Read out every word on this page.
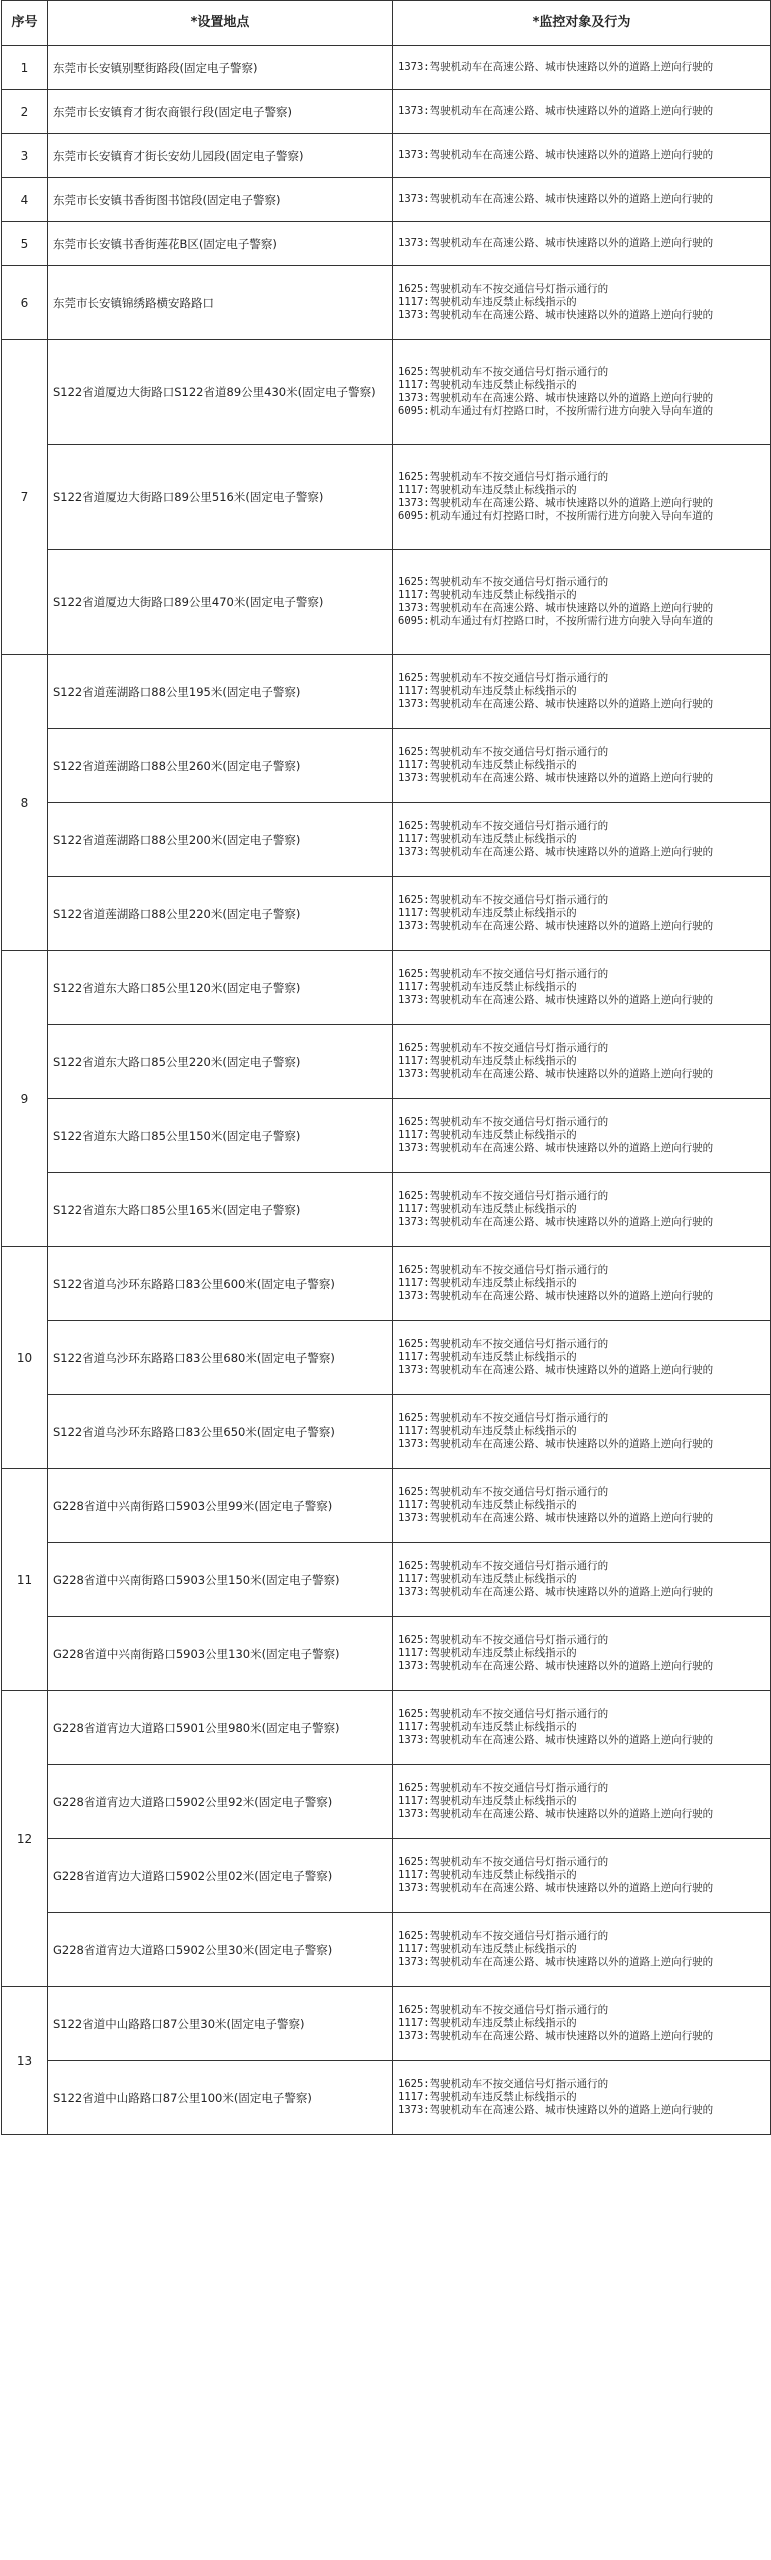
序号	*设置地点	*监控对象及行为
1	东莞市长安镇别墅街路段(固定电子警察)	1373:驾驶机动车在高速公路、城市快速路以外的道路上逆向行驶的
2	东莞市长安镇育才街农商银行段(固定电子警察)	1373:驾驶机动车在高速公路、城市快速路以外的道路上逆向行驶的
3	东莞市长安镇育才街长安幼儿园段(固定电子警察)	1373:驾驶机动车在高速公路、城市快速路以外的道路上逆向行驶的
4	东莞市长安镇书香街图书馆段(固定电子警察)	1373:驾驶机动车在高速公路、城市快速路以外的道路上逆向行驶的
5	东莞市长安镇书香街莲花B区(固定电子警察)	1373:驾驶机动车在高速公路、城市快速路以外的道路上逆向行驶的
6	东莞市长安镇锦绣路横安路路口	1625:驾驶机动车不按交通信号灯指示通行的
1117:驾驶机动车违反禁止标线指示的
1373:驾驶机动车在高速公路、城市快速路以外的道路上逆向行驶的
7	S122省道厦边大街路口S122省道89公里430米(固定电子警察)	1625:驾驶机动车不按交通信号灯指示通行的
1117:驾驶机动车违反禁止标线指示的
1373:驾驶机动车在高速公路、城市快速路以外的道路上逆向行驶的
6095:机动车通过有灯控路口时，不按所需行进方向驶入导向车道的
	S122省道厦边大街路口89公里516米(固定电子警察)	1625:驾驶机动车不按交通信号灯指示通行的
1117:驾驶机动车违反禁止标线指示的
1373:驾驶机动车在高速公路、城市快速路以外的道路上逆向行驶的
6095:机动车通过有灯控路口时，不按所需行进方向驶入导向车道的
	S122省道厦边大街路口89公里470米(固定电子警察)	1625:驾驶机动车不按交通信号灯指示通行的
1117:驾驶机动车违反禁止标线指示的
1373:驾驶机动车在高速公路、城市快速路以外的道路上逆向行驶的
6095:机动车通过有灯控路口时，不按所需行进方向驶入导向车道的
8	S122省道莲湖路口88公里195米(固定电子警察)	1625:驾驶机动车不按交通信号灯指示通行的
1117:驾驶机动车违反禁止标线指示的
1373:驾驶机动车在高速公路、城市快速路以外的道路上逆向行驶的
	S122省道莲湖路口88公里260米(固定电子警察)	1625:驾驶机动车不按交通信号灯指示通行的
1117:驾驶机动车违反禁止标线指示的
1373:驾驶机动车在高速公路、城市快速路以外的道路上逆向行驶的
	S122省道莲湖路口88公里200米(固定电子警察)	1625:驾驶机动车不按交通信号灯指示通行的
1117:驾驶机动车违反禁止标线指示的
1373:驾驶机动车在高速公路、城市快速路以外的道路上逆向行驶的
	S122省道莲湖路口88公里220米(固定电子警察)	1625:驾驶机动车不按交通信号灯指示通行的
1117:驾驶机动车违反禁止标线指示的
1373:驾驶机动车在高速公路、城市快速路以外的道路上逆向行驶的
9	S122省道东大路口85公里120米(固定电子警察)	1625:驾驶机动车不按交通信号灯指示通行的
1117:驾驶机动车违反禁止标线指示的
1373:驾驶机动车在高速公路、城市快速路以外的道路上逆向行驶的
	S122省道东大路口85公里220米(固定电子警察)	1625:驾驶机动车不按交通信号灯指示通行的
1117:驾驶机动车违反禁止标线指示的
1373:驾驶机动车在高速公路、城市快速路以外的道路上逆向行驶的
	S122省道东大路口85公里150米(固定电子警察)	1625:驾驶机动车不按交通信号灯指示通行的
1117:驾驶机动车违反禁止标线指示的
1373:驾驶机动车在高速公路、城市快速路以外的道路上逆向行驶的
	S122省道东大路口85公里165米(固定电子警察)	1625:驾驶机动车不按交通信号灯指示通行的
1117:驾驶机动车违反禁止标线指示的
1373:驾驶机动车在高速公路、城市快速路以外的道路上逆向行驶的
10	S122省道乌沙环东路路口83公里600米(固定电子警察)	1625:驾驶机动车不按交通信号灯指示通行的
1117:驾驶机动车违反禁止标线指示的
1373:驾驶机动车在高速公路、城市快速路以外的道路上逆向行驶的
	S122省道乌沙环东路路口83公里680米(固定电子警察)	1625:驾驶机动车不按交通信号灯指示通行的
1117:驾驶机动车违反禁止标线指示的
1373:驾驶机动车在高速公路、城市快速路以外的道路上逆向行驶的
	S122省道乌沙环东路路口83公里650米(固定电子警察)	1625:驾驶机动车不按交通信号灯指示通行的
1117:驾驶机动车违反禁止标线指示的
1373:驾驶机动车在高速公路、城市快速路以外的道路上逆向行驶的
11	G228省道中兴南街路口5903公里99米(固定电子警察)	1625:驾驶机动车不按交通信号灯指示通行的
1117:驾驶机动车违反禁止标线指示的
1373:驾驶机动车在高速公路、城市快速路以外的道路上逆向行驶的
	G228省道中兴南街路口5903公里150米(固定电子警察)	1625:驾驶机动车不按交通信号灯指示通行的
1117:驾驶机动车违反禁止标线指示的
1373:驾驶机动车在高速公路、城市快速路以外的道路上逆向行驶的
	G228省道中兴南街路口5903公里130米(固定电子警察)	1625:驾驶机动车不按交通信号灯指示通行的
1117:驾驶机动车违反禁止标线指示的
1373:驾驶机动车在高速公路、城市快速路以外的道路上逆向行驶的
12	G228省道宵边大道路口5901公里980米(固定电子警察)	1625:驾驶机动车不按交通信号灯指示通行的
1117:驾驶机动车违反禁止标线指示的
1373:驾驶机动车在高速公路、城市快速路以外的道路上逆向行驶的
	G228省道宵边大道路口5902公里92米(固定电子警察)	1625:驾驶机动车不按交通信号灯指示通行的
1117:驾驶机动车违反禁止标线指示的
1373:驾驶机动车在高速公路、城市快速路以外的道路上逆向行驶的
	G228省道宵边大道路口5902公里02米(固定电子警察)	1625:驾驶机动车不按交通信号灯指示通行的
1117:驾驶机动车违反禁止标线指示的
1373:驾驶机动车在高速公路、城市快速路以外的道路上逆向行驶的
	G228省道宵边大道路口5902公里30米(固定电子警察)	1625:驾驶机动车不按交通信号灯指示通行的
1117:驾驶机动车违反禁止标线指示的
1373:驾驶机动车在高速公路、城市快速路以外的道路上逆向行驶的
13	S122省道中山路路口87公里30米(固定电子警察)	1625:驾驶机动车不按交通信号灯指示通行的
1117:驾驶机动车违反禁止标线指示的
1373:驾驶机动车在高速公路、城市快速路以外的道路上逆向行驶的
	S122省道中山路路口87公里100米(固定电子警察)	1625:驾驶机动车不按交通信号灯指示通行的
1117:驾驶机动车违反禁止标线指示的
1373:驾驶机动车在高速公路、城市快速路以外的道路上逆向行驶的
